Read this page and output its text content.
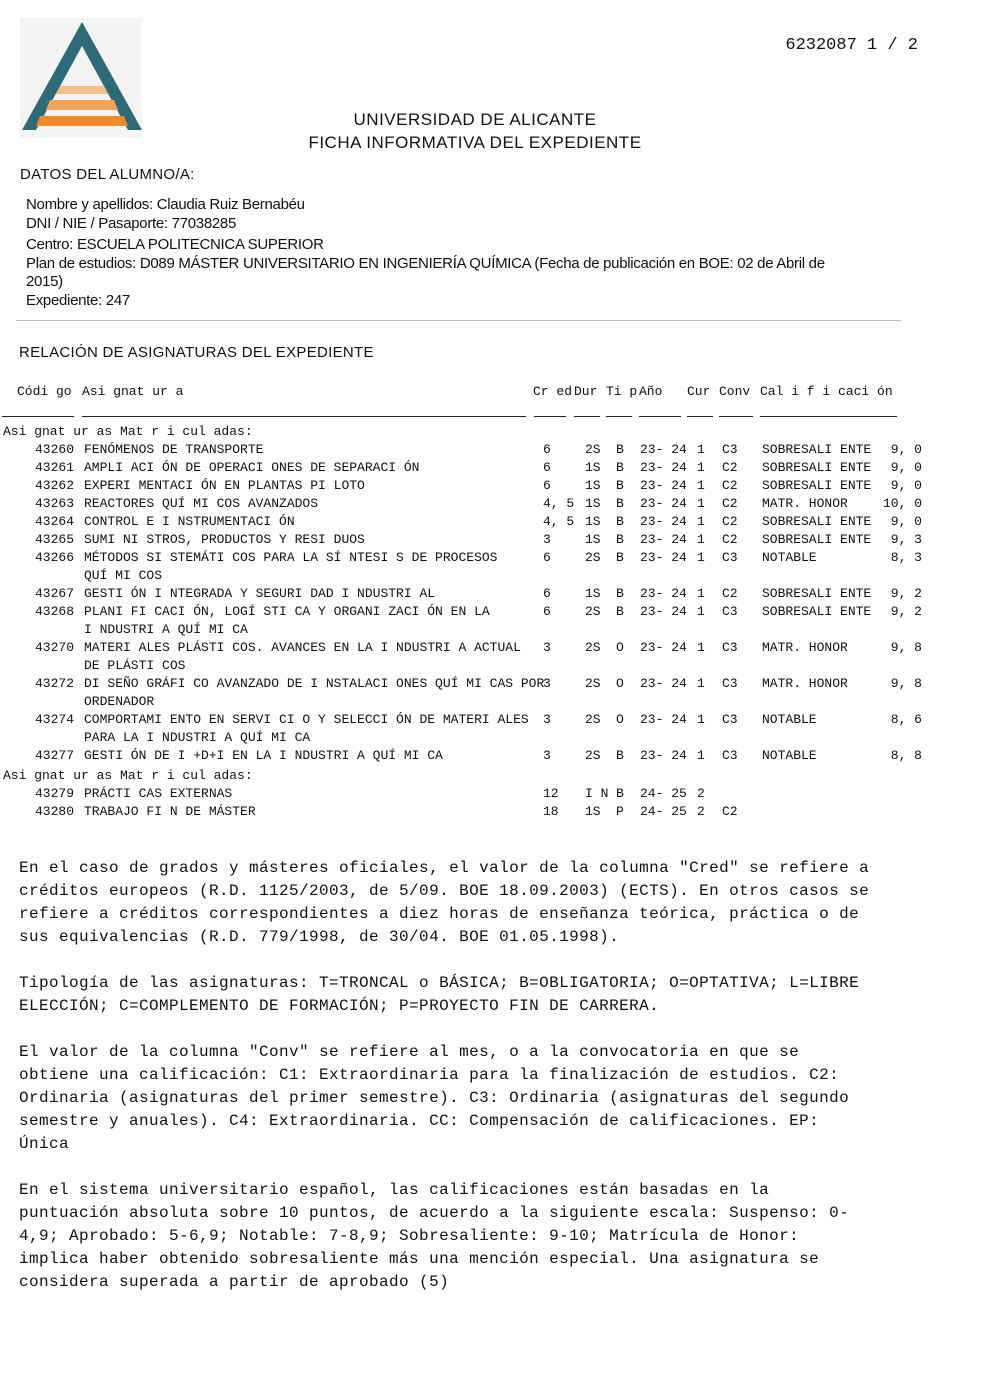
6232087 1 / 2
UNIVERSIDAD DE ALICANTE
FICHA INFORMATIVA DEL EXPEDIENTE
DATOS DEL ALUMNO/A:
Nombre y apellidos: Claudia Ruiz Bernabéu
DNI / NIE / Pasaporte: 77038285
Centro: ESCUELA POLITECNICA SUPERIOR
Plan de estudios: D089 MÁSTER UNIVERSITARIO EN INGENIERÍA QUÍMICA (Fecha de publicación en BOE: 02 de Abril de
2015)
Expediente: 247
RELACIÓN DE ASIGNATURAS DEL EXPEDIENTE
Códi go Asi gnat ur a	Cr ed Dur Ti p Año Cur Conv Cal i f i caci ón
Asi gnat ur as Mat r i cul adas:
43260 FENÓMENOS DE TRANSPORTE	6	2S B 23- 24 1 C3 SOBRESALI ENTE 9, 0
43261 AMPLI ACI ÓN DE OPERACI ONES DE SEPARACI ÓN	6	1S B 23- 24 1 C2 SOBRESALI ENTE 9, 0
43262 EXPERI MENTACI ÓN EN PLANTAS PI LOTO	6	1S B 23- 24 1 C2 SOBRESALI ENTE 9, 0
43263 REACTORES QUÍ MI COS AVANZADOS	4, 5 1S B 23- 24 1 C2 MATR. HONOR	10, 0
43264 CONTROL E I NSTRUMENTACI ÓN	4, 5 1S B 23- 24 1 C2 SOBRESALI ENTE 9, 0
43265 SUMI NI STROS, PRODUCTOS Y RESI DUOS	3	1S B 23- 24 1 C2 SOBRESALI ENTE 9, 3
43266 MÉTODOS SI STEMÁTI COS PARA LA SÍ NTESI S DE PROCESOS	6	2S B 23- 24 1 C3 NOTABLE	8, 3
QUÍ MI COS
43267 GESTI ÓN I NTEGRADA Y SEGURI DAD I NDUSTRI AL	6	1S B 23- 24 1 C2 SOBRESALI ENTE 9, 2
43268 PLANI FI CACI ÓN, LOGÍ STI CA Y ORGANI ZACI ÓN EN LA	6	2S B 23- 24 1 C3 SOBRESALI ENTE 9, 2
I NDUSTRI A QUÍ MI CA
43270 MATERI ALES PLÁSTI COS. AVANCES EN LA I NDUSTRI A ACTUAL 3	2S O 23- 24 1 C3 MATR. HONOR	9, 8
DE PLÁSTI COS
43272 DI SEÑO GRÁFI CO AVANZADO DE I NSTALACI ONES QUÍ MI CAS POR
3	2S O 23- 24 1 C3 MATR. HONOR	9, 8
ORDENADOR
43274 COMPORTAMI ENTO EN SERVI CI O Y SELECCI ÓN DE MATERI ALES 3	2S O 23- 24 1 C3 NOTABLE	8, 6
PARA LA I NDUSTRI A QUÍ MI CA
43277 GESTI ÓN DE I +D+I EN LA I NDUSTRI A QUÍ MI CA	3	2S B 23- 24 1 C3 NOTABLE	8, 8
Asi gnat ur as Mat r i cul adas:
43279 PRÁCTI CAS EXTERNAS	12 I N B 24- 25 2
43280 TRABAJO FI N DE MÁSTER	18 1S P 24- 25 2 C2
En el caso de grados y másteres oficiales, el valor de la columna "Cred" se refiere a
créditos europeos (R.D. 1125/2003, de 5/09. BOE 18.09.2003) (ECTS). En otros casos se
refiere a créditos correspondientes a diez horas de enseñanza teórica, práctica o de
sus equivalencias (R.D. 779/1998, de 30/04. BOE 01.05.1998).
Tipología de las asignaturas: T=TRONCAL o BÁSICA; B=OBLIGATORIA; O=OPTATIVA; L=LIBRE
ELECCIÓN; C=COMPLEMENTO DE FORMACIÓN; P=PROYECTO FIN DE CARRERA.
El valor de la columna "Conv" se refiere al mes, o a la convocatoria en que se
obtiene una calificación: C1: Extraordinaria para la finalización de estudios. C2:
Ordinaria (asignaturas del primer semestre). C3: Ordinaria (asignaturas del segundo
semestre y anuales). C4: Extraordinaria. CC: Compensación de calificaciones. EP:
Única
En el sistema universitario español, las calificaciones están basadas en la
puntuación absoluta sobre 10 puntos, de acuerdo a la siguiente escala: Suspenso: 0-
4,9; Aprobado: 5-6,9; Notable: 7-8,9; Sobresaliente: 9-10; Matrícula de Honor:
implica haber obtenido sobresaliente más una mención especial. Una asignatura se
considera superada a partir de aprobado (5)
